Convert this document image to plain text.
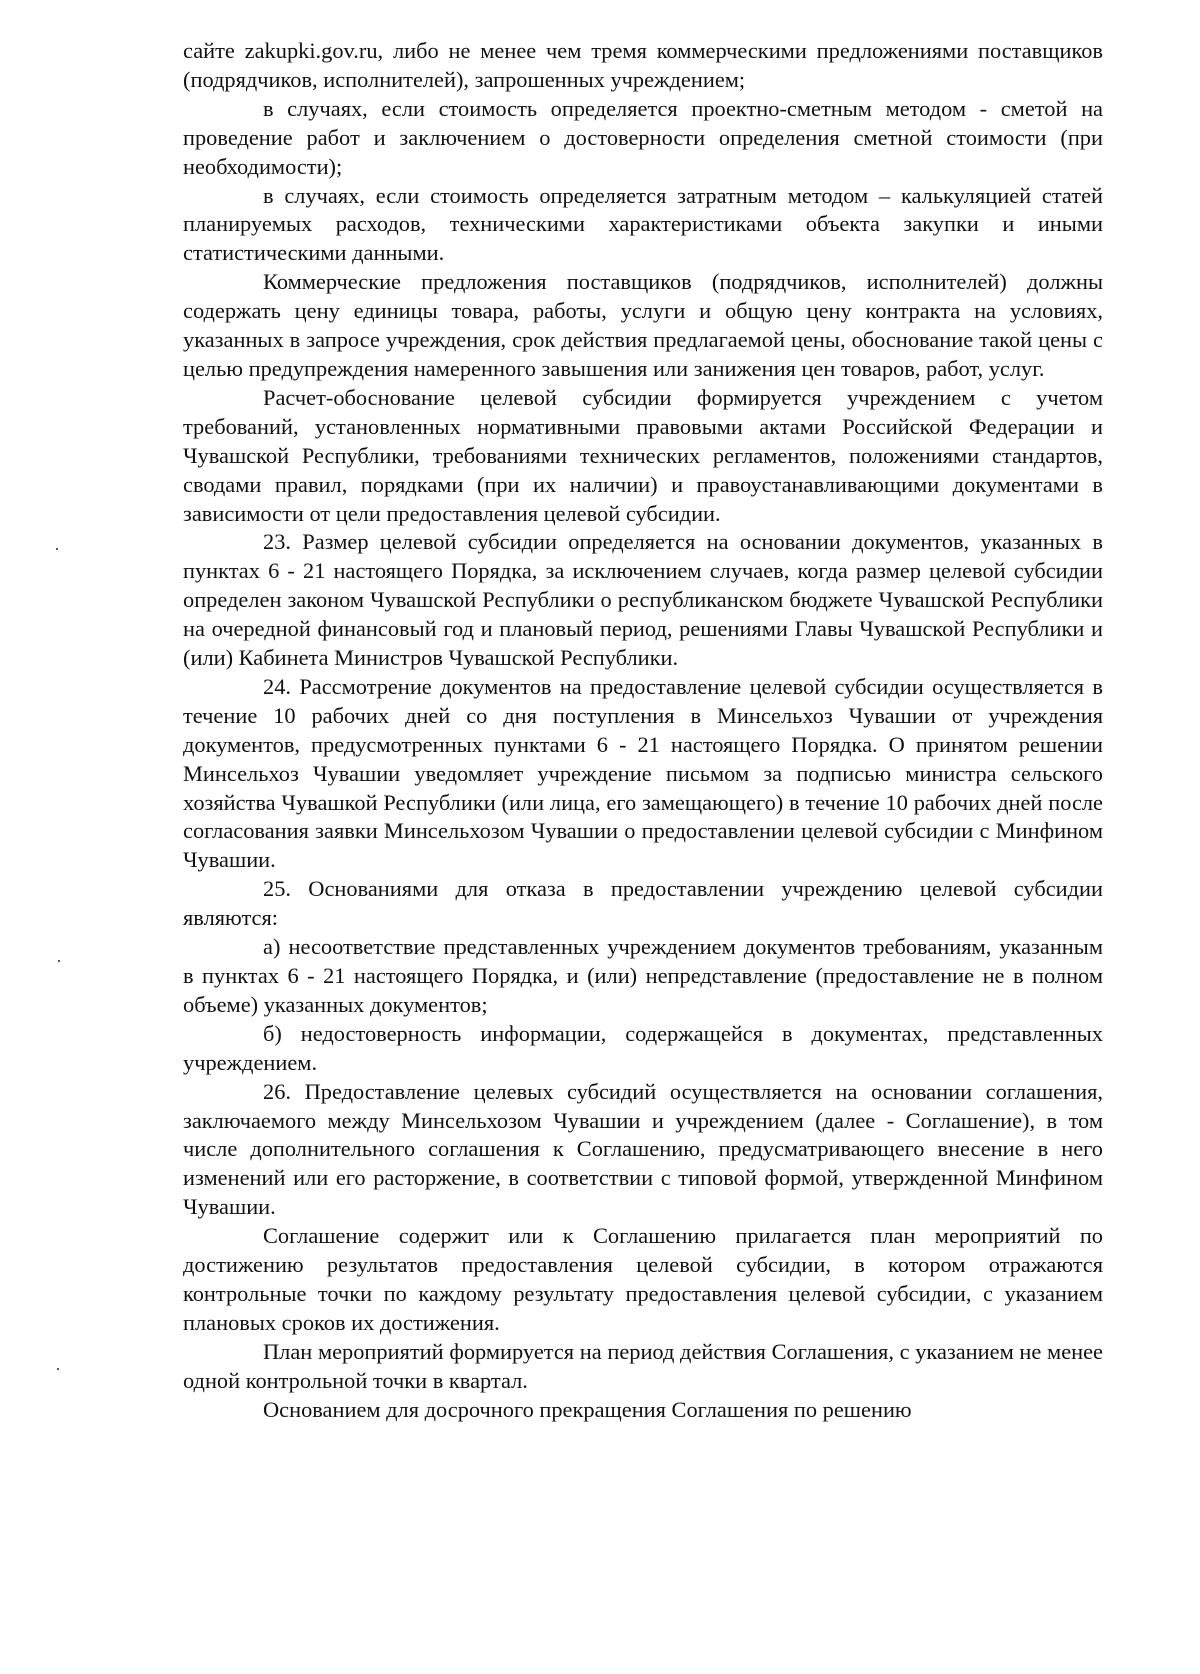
сайте zakupki.gov.ru, либо не менее чем тремя коммерческими предложениями поставщиков (подрядчиков, исполнителей), запрошенных учреждением;

в случаях, если стоимость определяется проектно-сметным методом - сметой на проведение работ и заключением о достоверности определения сметной стоимости (при необходимости);

в случаях, если стоимость определяется затратным методом – калькуляцией статей планируемых расходов, техническими характеристиками объекта закупки и иными статистическими данными.

Коммерческие предложения поставщиков (подрядчиков, исполнителей) должны содержать цену единицы товара, работы, услуги и общую цену контракта на условиях, указанных в запросе учреждения, срок действия предлагаемой цены, обоснование такой цены с целью предупреждения намеренного завышения или занижения цен товаров, работ, услуг.

Расчет-обоснование целевой субсидии формируется учреждением с учетом требований, установленных нормативными правовыми актами Российской Федерации и Чувашской Республики, требованиями технических регламентов, положениями стандартов, сводами правил, порядками (при их наличии) и правоустанавливающими документами в зависимости от цели предоставления целевой субсидии.

23. Размер целевой субсидии определяется на основании документов, указанных в пунктах 6 - 21 настоящего Порядка, за исключением случаев, когда размер целевой субсидии определен законом Чувашской Республики о республиканском бюджете Чувашской Республики на очередной финансовый год и плановый период, решениями Главы Чувашской Республики и (или) Кабинета Министров Чувашской Республики.

24. Рассмотрение документов на предоставление целевой субсидии осуществляется в течение 10 рабочих дней со дня поступления в Минсельхоз Чувашии от учреждения документов, предусмотренных пунктами 6 - 21 настоящего Порядка. О принятом решении Минсельхоз Чувашии уведомляет учреждение письмом за подписью министра сельского хозяйства Чувашкой Республики (или лица, его замещающего) в течение 10 рабочих дней после согласования заявки Минсельхозом Чувашии о предоставлении целевой субсидии с Минфином Чувашии.

25. Основаниями для отказа в предоставлении учреждению целевой субсидии являются:

а) несоответствие представленных учреждением документов требованиям, указанным в пунктах 6 - 21 настоящего Порядка, и (или) непредставление (предоставление не в полном объеме) указанных документов;

б) недостоверность информации, содержащейся в документах, представленных учреждением.

26. Предоставление целевых субсидий осуществляется на основании соглашения, заключаемого между Минсельхозом Чувашии и учреждением (далее - Соглашение), в том числе дополнительного соглашения к Соглашению, предусматривающего внесение в него изменений или его расторжение, в соответствии с типовой формой, утвержденной Минфином Чувашии.

Соглашение содержит или к Соглашению прилагается план мероприятий по достижению результатов предоставления целевой субсидии, в котором отражаются контрольные точки по каждому результату предоставления целевой субсидии, с указанием плановых сроков их достижения.

План мероприятий формируется на период действия Соглашения, с указанием не менее одной контрольной точки в квартал.

Основанием для досрочного прекращения Соглашения по решению
